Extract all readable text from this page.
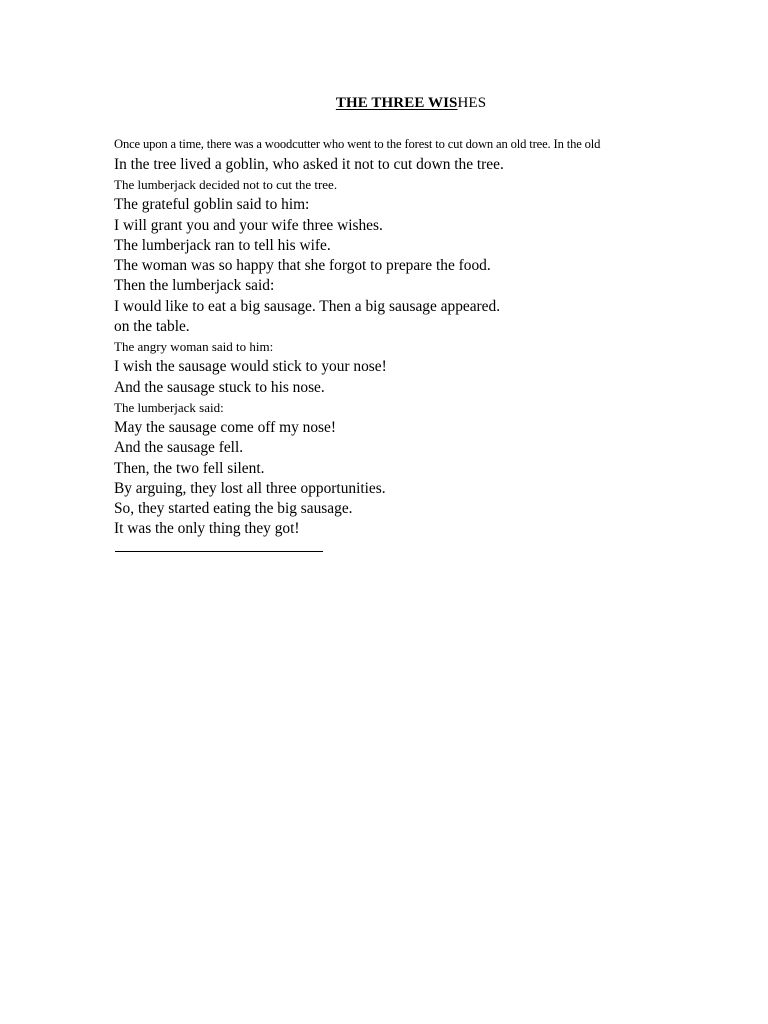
THE THREE WISHES
Once upon a time, there was a woodcutter who went to the forest to cut down an old tree. In the old
In the tree lived a goblin, who asked it not to cut down the tree.
The lumberjack decided not to cut the tree.
The grateful goblin said to him:
I will grant you and your wife three wishes.
The lumberjack ran to tell his wife.
The woman was so happy that she forgot to prepare the food.
Then the lumberjack said:
I would like to eat a big sausage. Then a big sausage appeared.
on the table.
The angry woman said to him:
I wish the sausage would stick to your nose!
And the sausage stuck to his nose.
The lumberjack said:
May the sausage come off my nose!
And the sausage fell.
Then, the two fell silent.
By arguing, they lost all three opportunities.
So, they started eating the big sausage.
It was the only thing they got!
